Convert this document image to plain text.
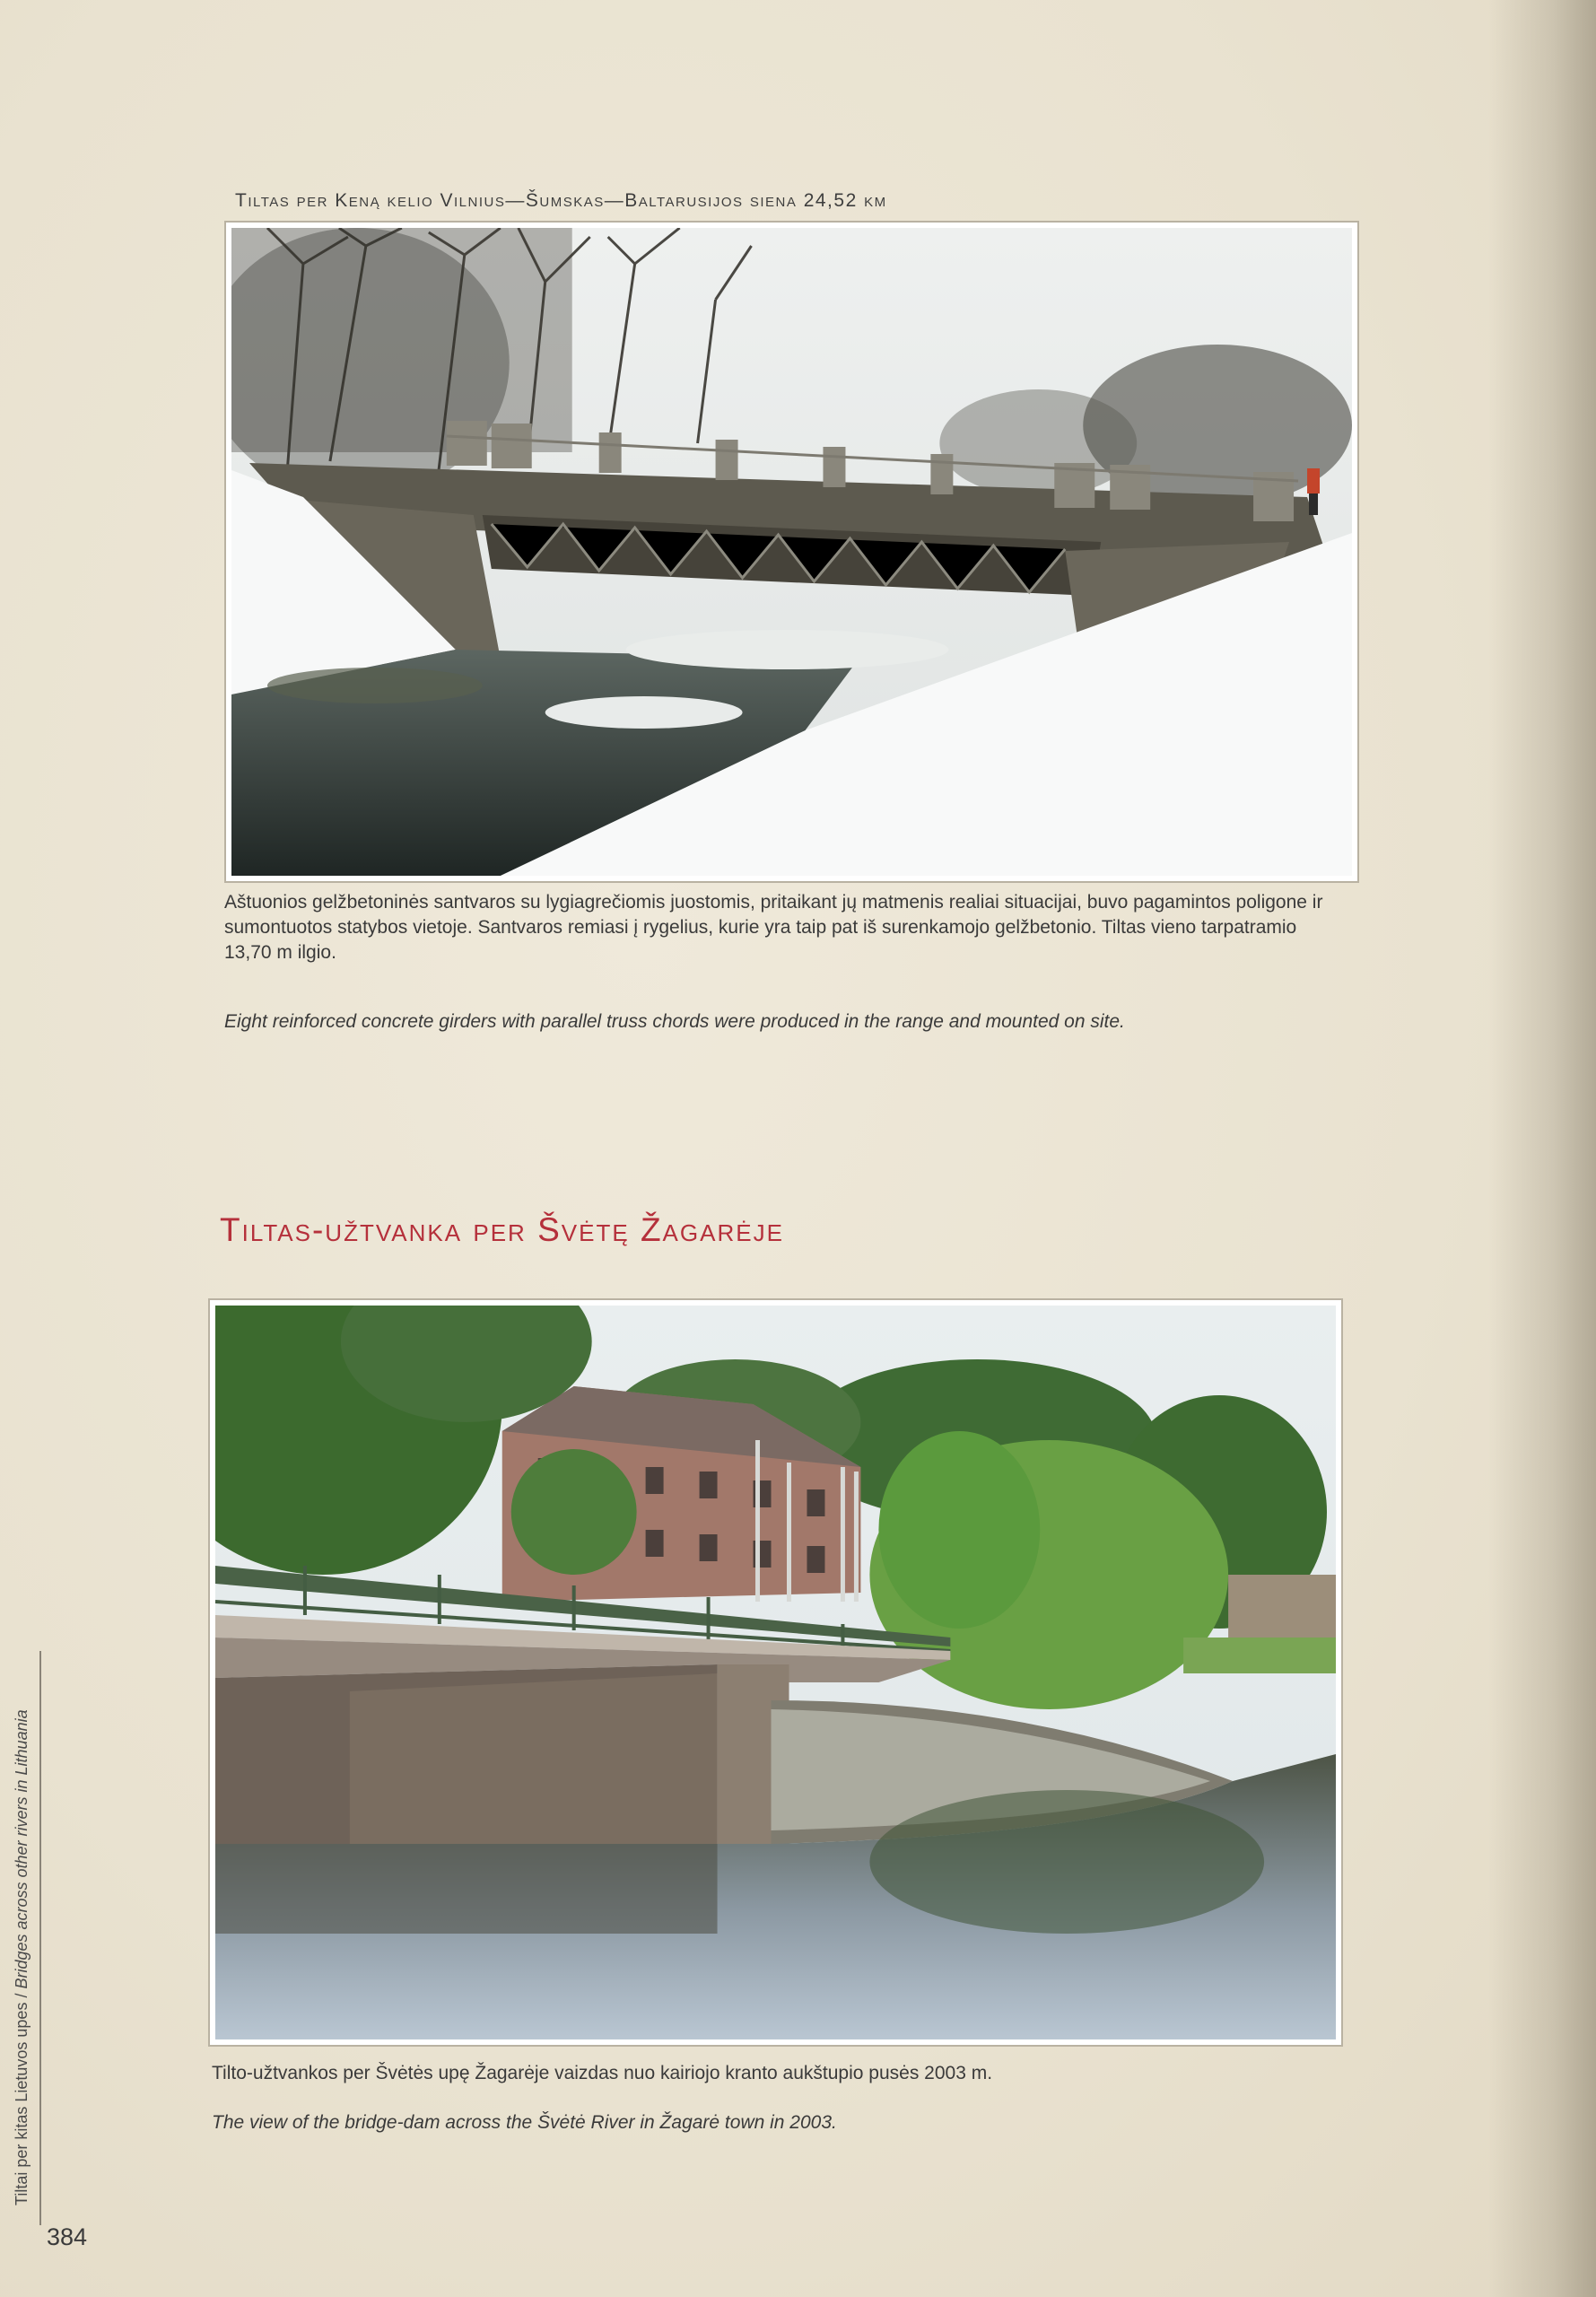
Tiltas per Keną kelio Vilnius—Šumskas—Baltarusijos siena 24,52 km
Aštuonios gelžbetoninės santvaros su lygiagrečiomis juostomis, pritaikant jų matmenis realiai situacijai, buvo pagamintos poligone ir sumontuotos statybos vietoje. Santvaros remiasi į rygelius, kurie yra taip pat iš surenkamojo gelžbetonio. Tiltas vieno tarpatramio 13,70 m ilgio.
Eight reinforced concrete girders with parallel truss chords were produced in the range and mounted on site.
Tiltas-užtvanka per Švėtę Žagarėje
Tilto-užtvankos per Švėtės upę Žagarėje vaizdas nuo kairiojo kranto aukštupio pusės 2003 m.
The view of the bridge-dam across the Švėtė River in Žagarė town in 2003.
Tiltai per kitas Lietuvos upes / Bridges across other rivers in Lithuania
384
